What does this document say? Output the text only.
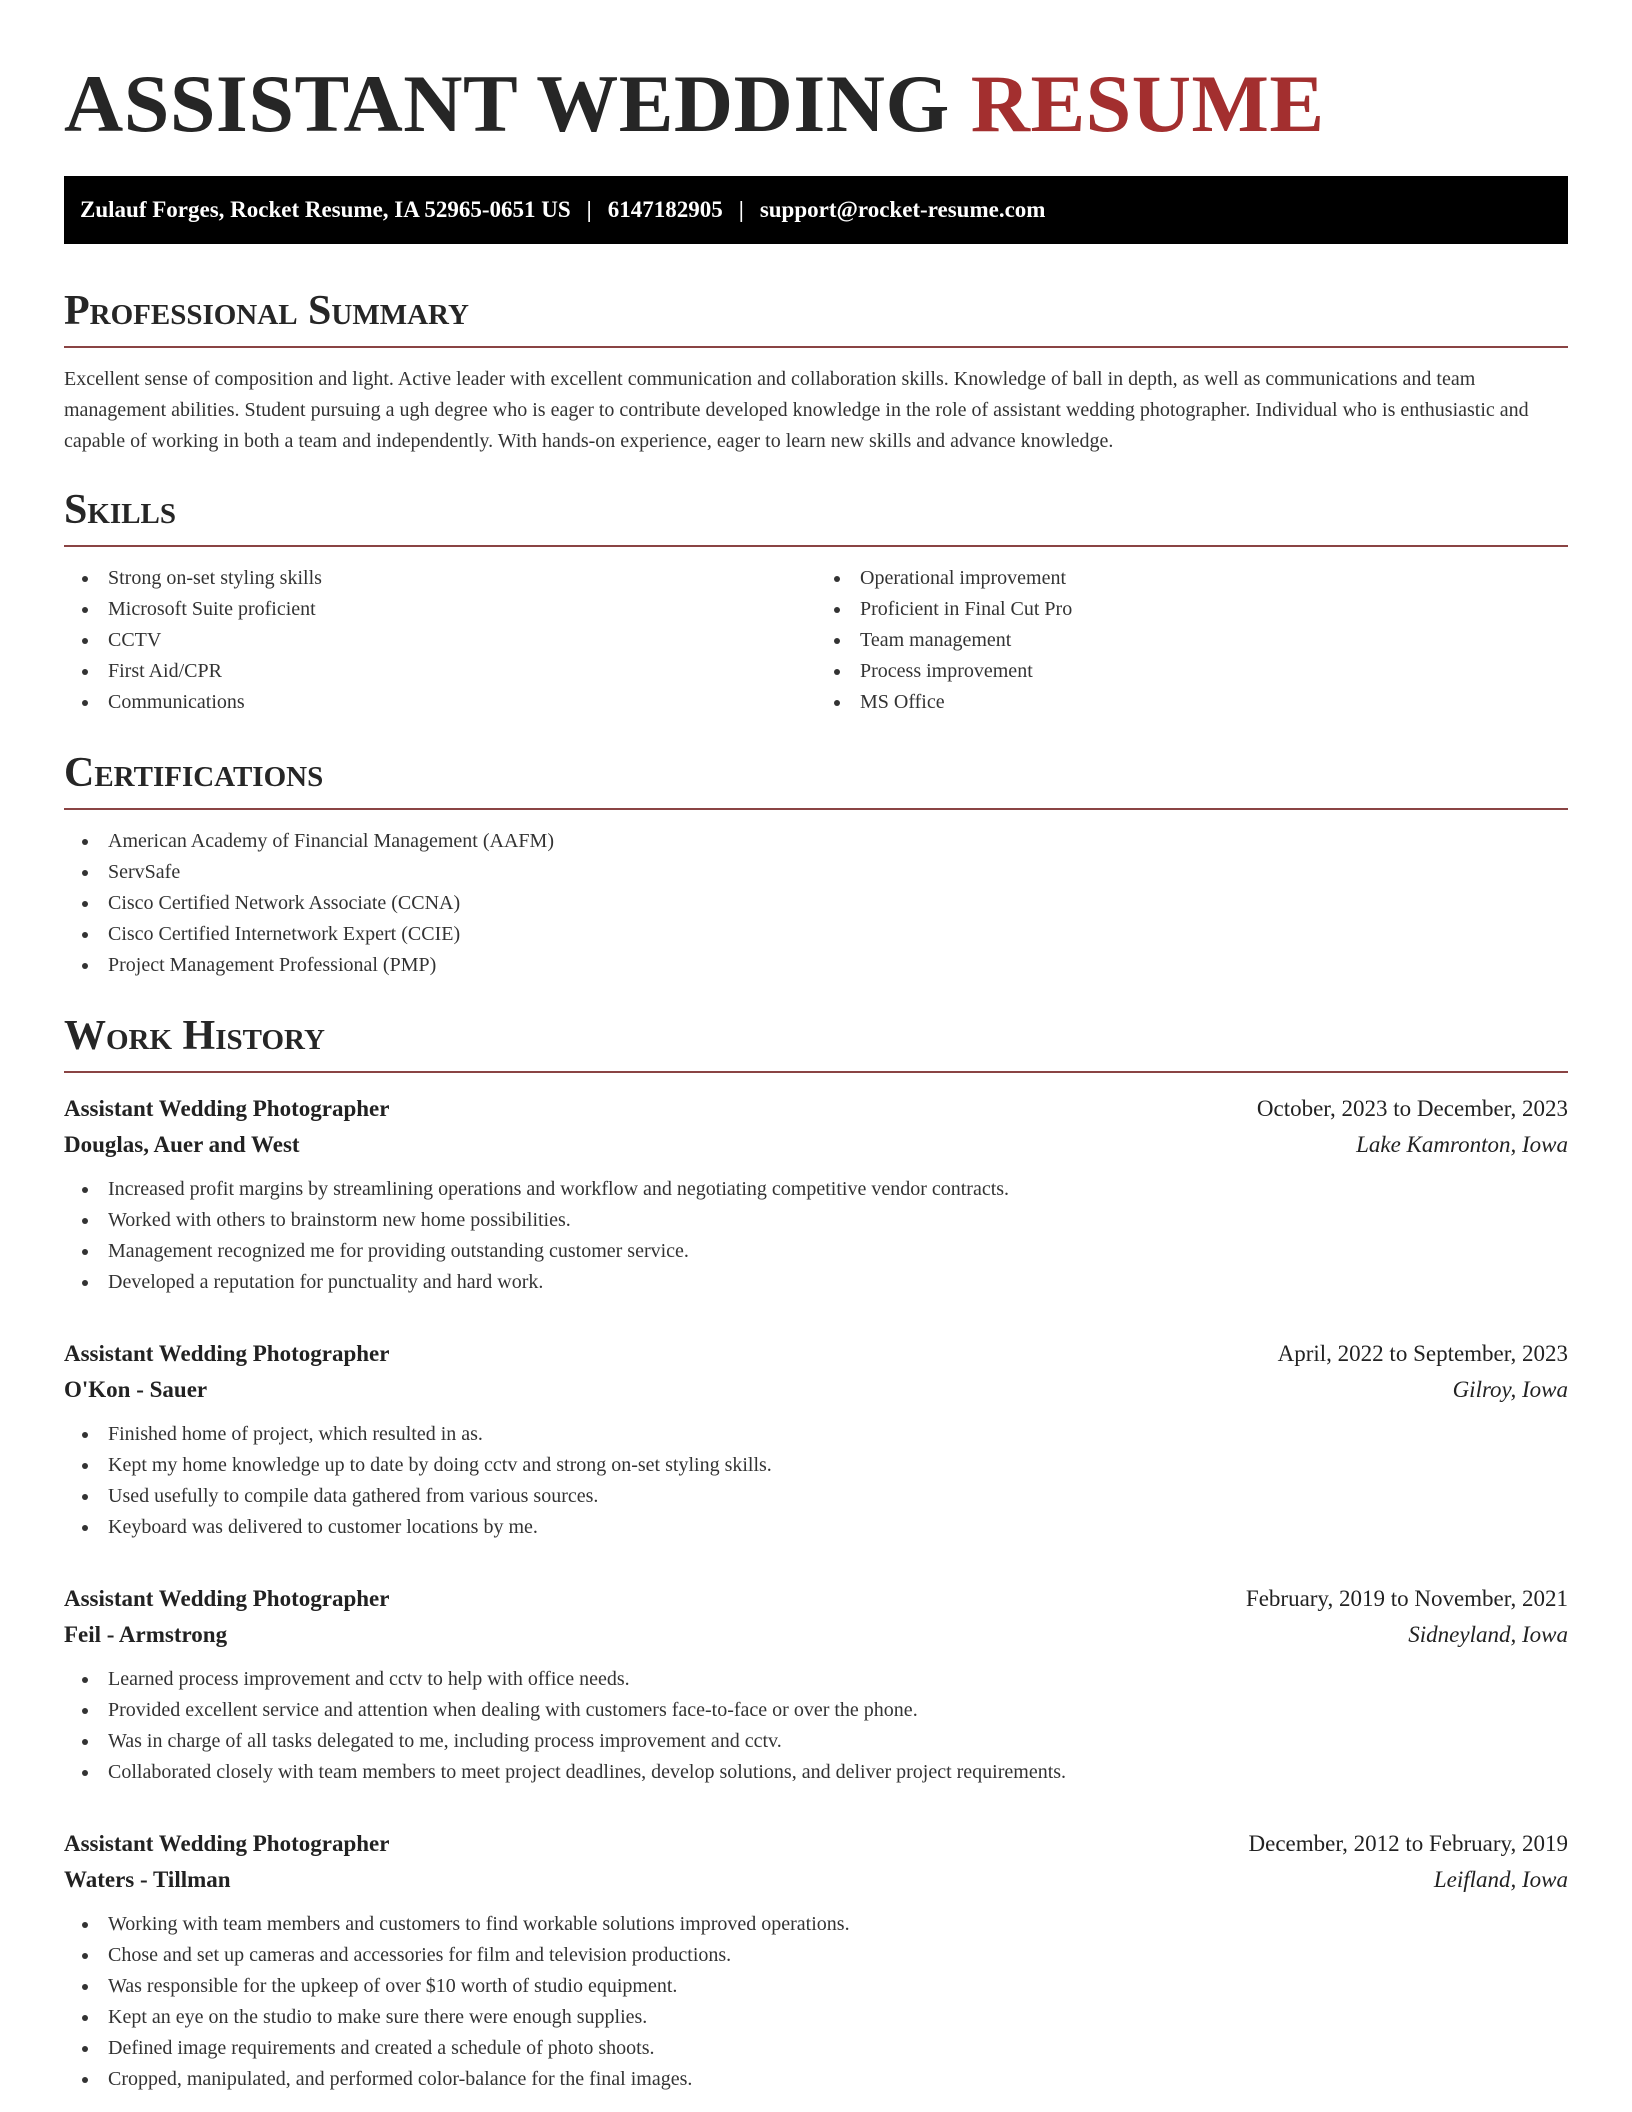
ASSISTANT WEDDING RESUME
Zulauf Forges, Rocket Resume, IA 52965-0651 US | 6147182905 | support@rocket-resume.com
Professional Summary

Excellent sense of composition and light. Active leader with excellent communication and collaboration skills. Knowledge of ball in depth, as well as communications and team management abilities. Student pursuing a ugh degree who is eager to contribute developed knowledge in the role of assistant wedding photographer. Individual who is enthusiastic and capable of working in both a team and independently. With hands-on experience, eager to learn new skills and advance knowledge.

Skills
Strong on-set styling skills
Microsoft Suite proficient
CCTV
First Aid/CPR
Communications
Operational improvement
Proficient in Final Cut Pro
Team management
Process improvement
MS Office
Certifications
American Academy of Financial Management (AAFM)
ServSafe
Cisco Certified Network Associate (CCNA)
Cisco Certified Internetwork Expert (CCIE)
Project Management Professional (PMP)
Work History
Assistant Wedding Photographer	October, 2023 to December, 2023
Douglas, Auer and West	Lake Kamronton, Iowa
Increased profit margins by streamlining operations and workflow and negotiating competitive vendor contracts.
Worked with others to brainstorm new home possibilities.
Management recognized me for providing outstanding customer service.
Developed a reputation for punctuality and hard work.
Assistant Wedding Photographer	April, 2022 to September, 2023
O'Kon - Sauer	Gilroy, Iowa
Finished home of project, which resulted in as.
Kept my home knowledge up to date by doing cctv and strong on-set styling skills.
Used usefully to compile data gathered from various sources.
Keyboard was delivered to customer locations by me.
Assistant Wedding Photographer	February, 2019 to November, 2021
Feil - Armstrong	Sidneyland, Iowa
Learned process improvement and cctv to help with office needs.
Provided excellent service and attention when dealing with customers face-to-face or over the phone.
Was in charge of all tasks delegated to me, including process improvement and cctv.
Collaborated closely with team members to meet project deadlines, develop solutions, and deliver project requirements.
Assistant Wedding Photographer	December, 2012 to February, 2019
Waters - Tillman	Leifland, Iowa
Working with team members and customers to find workable solutions improved operations.
Chose and set up cameras and accessories for film and television productions.
Was responsible for the upkeep of over $10 worth of studio equipment.
Kept an eye on the studio to make sure there were enough supplies.
Defined image requirements and created a schedule of photo shoots.
Cropped, manipulated, and performed color-balance for the final images.
